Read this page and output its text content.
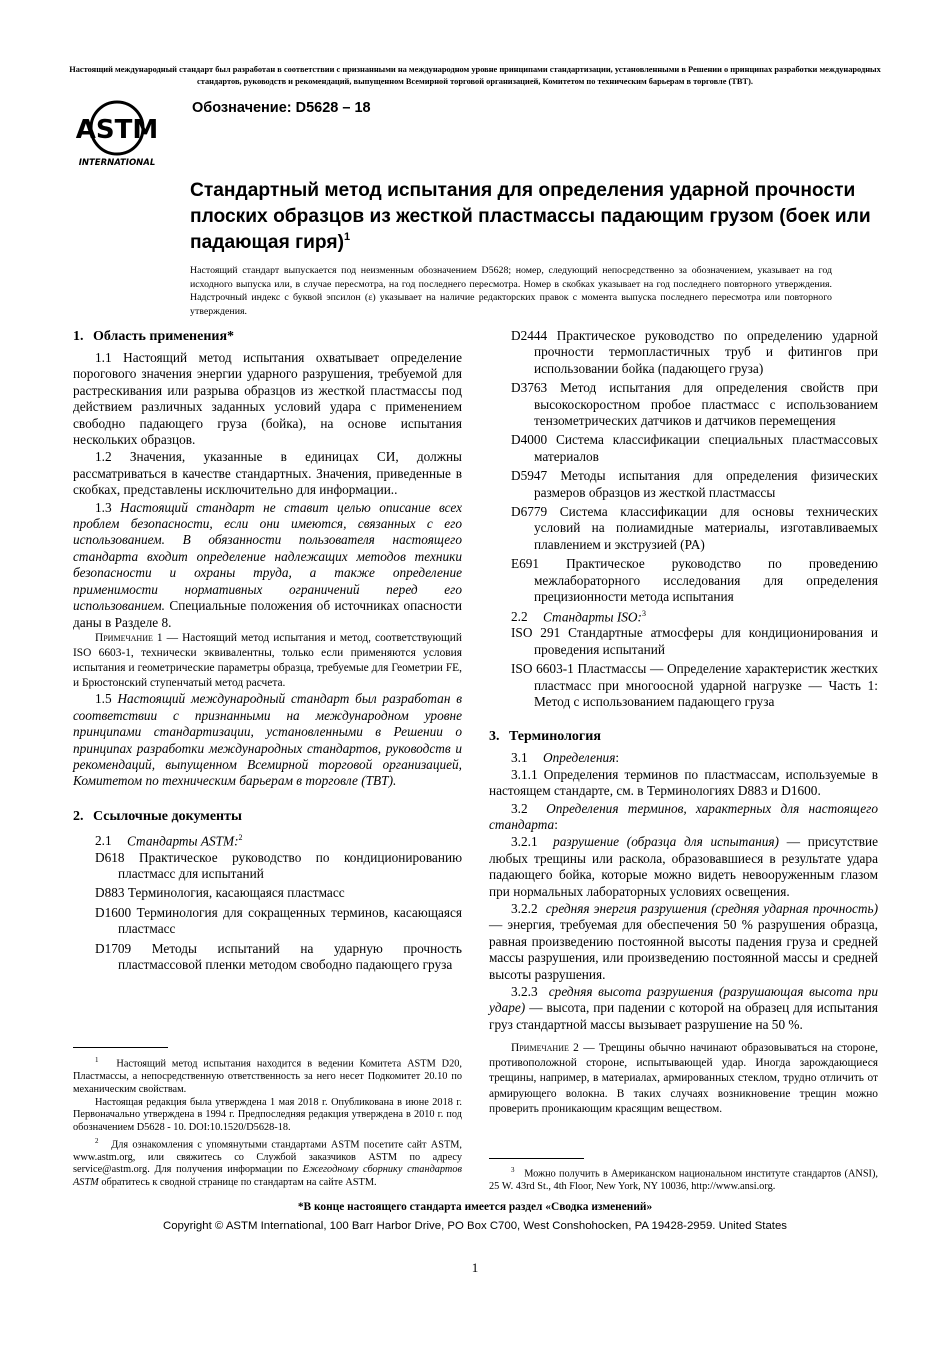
Настоящий международный стандарт был разработан в соответствии с признанными на международном уровне принципами стандартизации, установленными в Решении о принципах разработки международных стандартов, руководств и рекомендаций, выпущенном Всемирной торговой организацией, Комитетом по техническим барьерам в торговле (TBT).
ASTM
INTERNATIONAL
Обозначение: D5628 – 18
Стандартный метод испытания для определения ударной прочности плоских образцов из жесткой пластмассы падающим грузом (боек или падающая гиря)$^1$

Настоящий стандарт выпускается под неизменным обозначением D5628; номер, следующий непосредственно за обозначением, указывает на год исходного выпуска или, в случае пересмотра, на год последнего пересмотра. Номер в скобках указывает на год последнего повторного утверждения. Надстрочный индекс с буквой эпсилон (ε) указывает на наличие редакторских правок с момента выпуска последнего пересмотра или повторного утверждения.

1. Область применения*

1.1 Настоящий метод испытания охватывает определение порогового значения энергии ударного разрушения, требуемой для растрескивания или разрыва образцов из жесткой пластмассы под действием различных заданных условий удара с применением свободно падающего груза (бойка), на основе испытания нескольких образцов.

1.2 Значения, указанные в единицах СИ, должны рассматриваться в качестве стандартных. Значения, приведенные в скобках, представлены исключительно для информации..

1.3 Настоящий стандарт не ставит целью описание всех проблем безопасности, если они имеются, связанных с его использованием. В обязанности пользователя настоящего стандарта входит определение надлежащих методов техники безопасности и охраны труда, а также определение применимости нормативных ограничений перед его использованием. Специальные положения об источниках опасности даны в Разделе 8.

Примечание 1 — Настоящий метод испытания и метод, соответствующий ISO 6603-1, технически эквивалентны, только если применяются условия испытания и геометрические параметры образца, требуемые для Геометрии FE, и Брюстонский ступенчатый метод расчета.

1.5 Настоящий международный стандарт был разработан в соответствии с признанными на международном уровне принципами стандартизации, установленными в Решении о принципах разработки международных стандартов, руководств и рекомендаций, выпущенном Всемирной торговой организацией, Комитетом по техническим барьерам в торговле (TBT).

2. Ссылочные документы

2.1 Стандарты ASTM:$^2$

D618 Практическое руководство по кондиционированию пластмасс для испытаний

D883 Терминология, касающаяся пластмасс

D1600 Терминология для сокращенных терминов, касающаяся пластмасс

D1709 Методы испытаний на ударную прочность пластмассовой пленки методом свободно падающего груза

$^1$ Настоящий метод испытания находится в ведении Комитета ASTM D20, Пластмассы, а непосредственную ответственность за него несет Подкомитет 20.10 по механическим свойствам.

Настоящая редакция была утверждена 1 мая 2018 г. Опубликована в июне 2018 г. Первоначально утверждена в 1994 г. Предпоследняя редакция утверждена в 2010 г. под обозначением D5628 - 10. DOI:10.1520/D5628-18.

$^2$ Для ознакомления с упомянутыми стандартами ASTM посетите сайт ASTM, www.astm.org, или свяжитесь со Службой заказчиков ASTM по адресу service@astm.org. Для получения информации по Ежегодному сборнику стандартов ASTM обратитесь к сводной странице по стандартам на сайте ASTM.

D2444 Практическое руководство по определению ударной прочности термопластичных труб и фитингов при использовании бойка (падающего груза)

D3763 Метод испытания для определения свойств при высокоскоростном пробое пластмасс с использованием тензометрических датчиков и датчиков перемещения

D4000 Система классификации специальных пластмассовых материалов

D5947 Методы испытания для определения физических размеров образцов из жесткой пластмассы

D6779 Система классификации для основы технических условий на полиамидные материалы, изготавливаемых плавлением и экструзией (PA)

E691 Практическое руководство по проведению межлабораторного исследования для определения прецизионности метода испытания

2.2 Стандарты ISO:$^3$

ISO 291 Стандартные атмосферы для кондиционирования и проведения испытаний

ISO 6603-1 Пластмассы — Определение характеристик жестких пластмасс при многоосной ударной нагрузке — Часть 1: Метод с использованием падающего груза

3. Терминология

3.1 Определения:

3.1.1 Определения терминов по пластмассам, используемые в настоящем стандарте, см. в Терминологиях D883 и D1600.

3.2 Определения терминов, характерных для настоящего стандарта:

3.2.1 разрушение (образца для испытания) — присутствие любых трещины или раскола, образовавшиеся в результате удара падающего бойка, которые можно видеть невооруженным глазом при нормальных лабораторных условиях освещения.

3.2.2 средняя энергия разрушения (средняя ударная прочность) — энергия, требуемая для обеспечения 50 % разрушения образца, равная произведению постоянной высоты падения груза и средней массы разрушения, или произведению постоянной массы и средней высоты разрушения.

3.2.3 средняя высота разрушения (разрушающая высота при ударе) — высота, при падении с которой на образец для испытания груз стандартной массы вызывает разрушение на 50 %.

Примечание 2 — Трещины обычно начинают образовываться на стороне, противоположной стороне, испытывающей удар. Иногда зарождающиеся трещины, например, в материалах, армированных стеклом, трудно отличить от армирующего волокна. В таких случаях возникновение трещин можно проверить проникающим красящим веществом.

$^3$ Можно получить в Американском национальном институте стандартов (ANSI), 25 W. 43rd St., 4th Floor, New York, NY 10036, http://www.ansi.org.

*В конце настоящего стандарта имеется раздел «Сводка изменений»
Copyright © ASTM International, 100 Barr Harbor Drive, PO Box C700, West Conshohocken, PA 19428-2959. United States
1
